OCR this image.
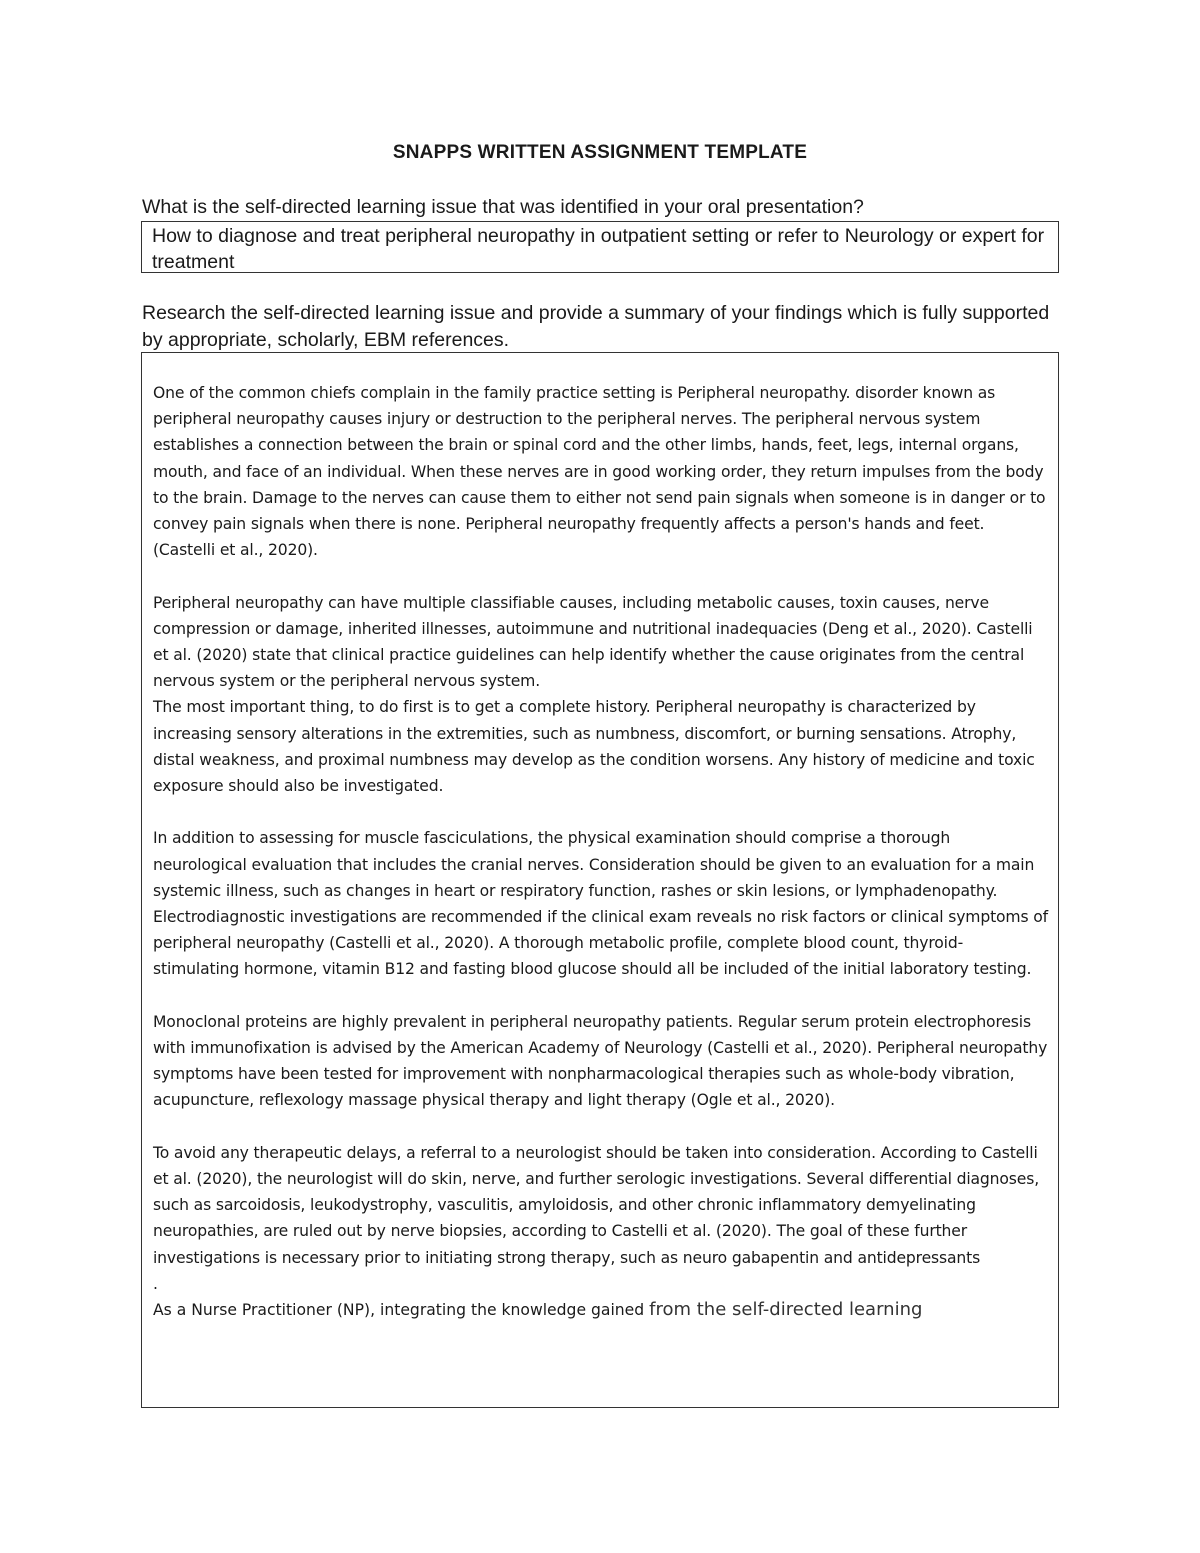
SNAPPS WRITTEN ASSIGNMENT TEMPLATE

What is the self-directed learning issue that was identified in your oral presentation?

How to diagnose and treat peripheral neuropathy in outpatient setting or refer to Neurology or expert for treatment

Research the self-directed learning issue and provide a summary of your findings which is fully supported by appropriate, scholarly, EBM references.

One of the common chiefs complain in the family practice setting is Peripheral neuropathy. disorder known as peripheral neuropathy causes injury or destruction to the peripheral nerves. The peripheral nervous system establishes a connection between the brain or spinal cord and the other limbs, hands, feet, legs, internal organs, mouth, and face of an individual. When these nerves are in good working order, they return impulses from the body to the brain. Damage to the nerves can cause them to either not send pain signals when someone is in danger or to convey pain signals when there is none. Peripheral neuropathy frequently affects a person's hands and feet. (Castelli et al., 2020).

Peripheral neuropathy can have multiple classifiable causes, including metabolic causes, toxin causes, nerve compression or damage, inherited illnesses, autoimmune and nutritional inadequacies (Deng et al., 2020). Castelli et al. (2020) state that clinical practice guidelines can help identify whether the cause originates from the central nervous system or the peripheral nervous system.

The most important thing, to do first is to get a complete history. Peripheral neuropathy is characterized by increasing sensory alterations in the extremities, such as numbness, discomfort, or burning sensations. Atrophy, distal weakness, and proximal numbness may develop as the condition worsens. Any history of medicine and toxic exposure should also be investigated.

In addition to assessing for muscle fasciculations, the physical examination should comprise a thorough neurological evaluation that includes the cranial nerves. Consideration should be given to an evaluation for a main systemic illness, such as changes in heart or respiratory function, rashes or skin lesions, or lymphadenopathy. Electrodiagnostic investigations are recommended if the clinical exam reveals no risk factors or clinical symptoms of peripheral neuropathy (Castelli et al., 2020). A thorough metabolic profile, complete blood count, thyroid-stimulating hormone, vitamin B12 and fasting blood glucose should all be included of the initial laboratory testing.

Monoclonal proteins are highly prevalent in peripheral neuropathy patients. Regular serum protein electrophoresis with immunofixation is advised by the American Academy of Neurology (Castelli et al., 2020). Peripheral neuropathy symptoms have been tested for improvement with nonpharmacological therapies such as whole-body vibration, acupuncture, reflexology massage physical therapy and light therapy (Ogle et al., 2020).

To avoid any therapeutic delays, a referral to a neurologist should be taken into consideration. According to Castelli et al. (2020), the neurologist will do skin, nerve, and further serologic investigations. Several differential diagnoses, such as sarcoidosis, leukodystrophy, vasculitis, amyloidosis, and other chronic inflammatory demyelinating neuropathies, are ruled out by nerve biopsies, according to Castelli et al. (2020). The goal of these further investigations is necessary prior to initiating strong therapy, such as neuro gabapentin and antidepressants

.

As a Nurse Practitioner (NP), integrating the knowledge gained from the self-directed learning
